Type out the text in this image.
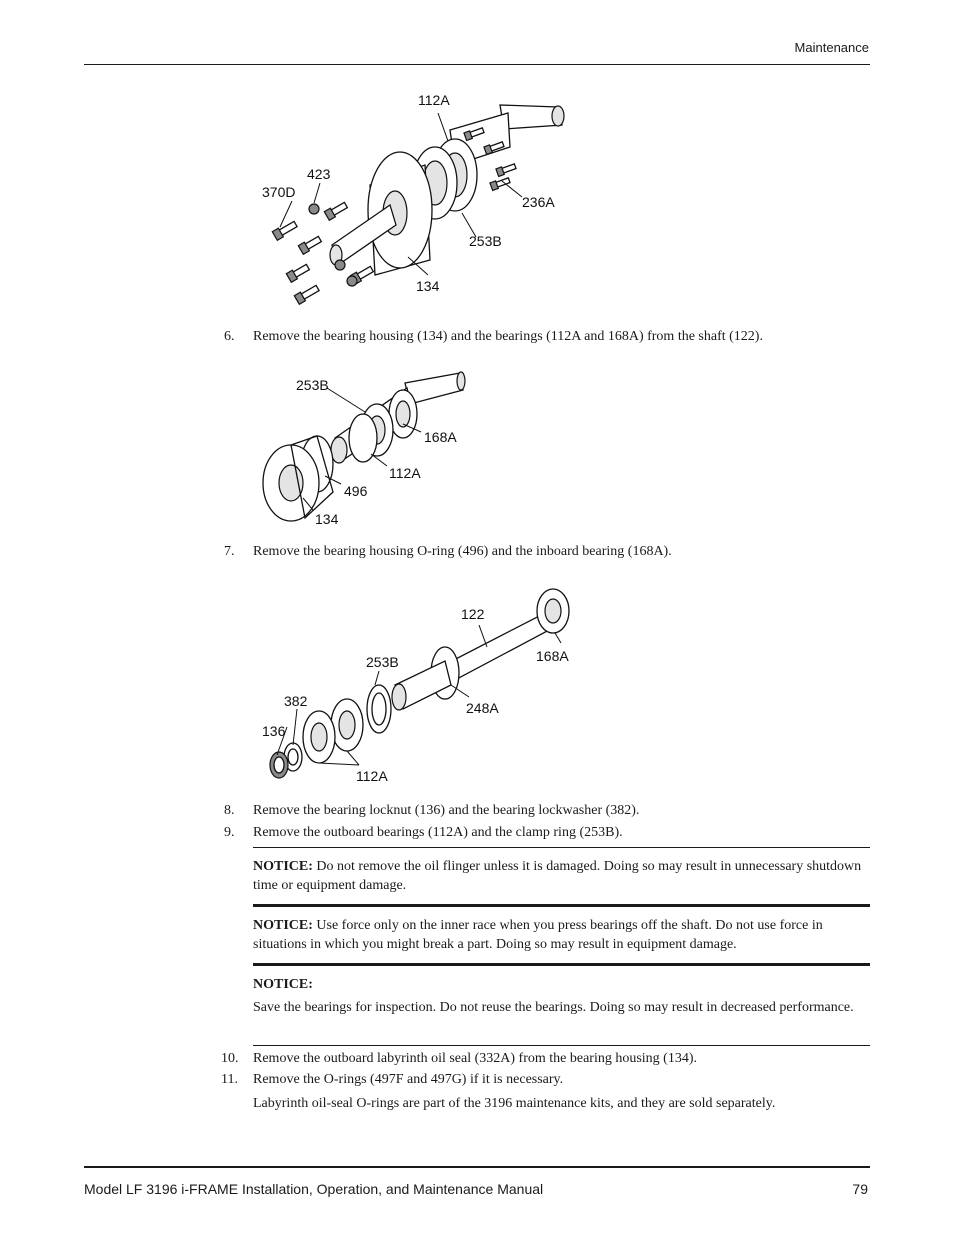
Maintenance
112A
423
370D
236A
253B
134
6.	Remove the bearing housing (134) and the bearings (112A and 168A) from the shaft (122).
253B
168A
112A
496
134
7.	Remove the bearing housing O-ring (496) and the inboard bearing (168A).
122
168A
253B
382	248A
136
112A
8.	Remove the bearing locknut (136) and the bearing lockwasher (382).
9.	Remove the outboard bearings (112A) and the clamp ring (253B).
NOTICE: Do not remove the oil flinger unless it is damaged. Doing so may result in unnecessary shutdown time or equipment damage.
NOTICE: Use force only on the inner race when you press bearings off the shaft. Do not use force in situations in which you might break a part. Doing so may result in equipment damage.
NOTICE:
Save the bearings for inspection. Do not reuse the bearings. Doing so may result in decreased performance.
10. Remove the outboard labyrinth oil seal (332A) from the bearing housing (134).
11. Remove the O-rings (497F and 497G) if it is necessary.
Labyrinth oil-seal O-rings are part of the 3196 maintenance kits, and they are sold separately.
Model LF 3196 i-FRAME Installation, Operation, and Maintenance Manual	79
